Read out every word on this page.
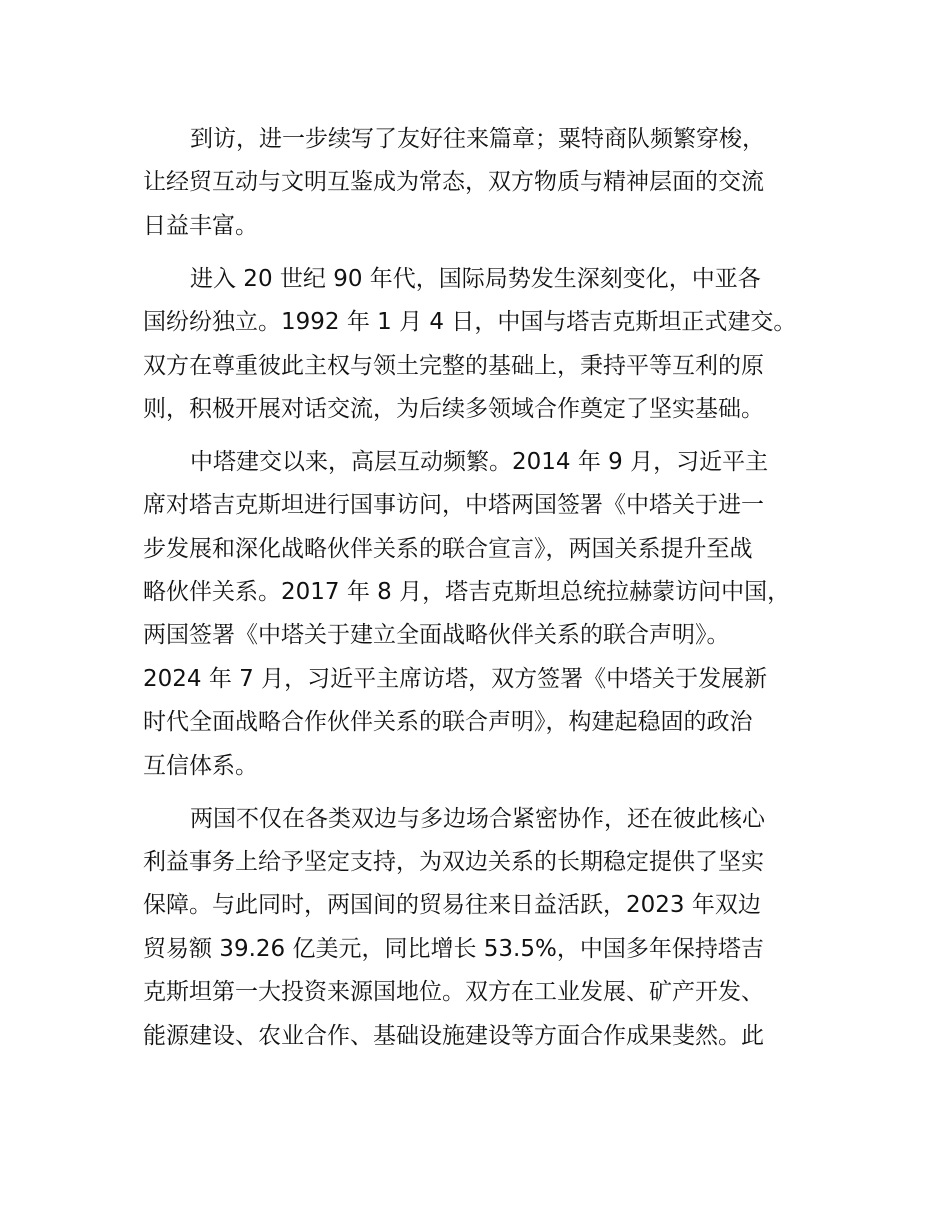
到访，进一步续写了友好往来篇章；粟特商队频繁穿梭，
让经贸互动与文明互鉴成为常态，双方物质与精神层面的交流
日益丰富。
进入 20 世纪 90 年代，国际局势发生深刻变化，中亚各
国纷纷独立。1992 年 1 月 4 日，中国与塔吉克斯坦正式建交。
双方在尊重彼此主权与领土完整的基础上，秉持平等互利的原
则，积极开展对话交流，为后续多领域合作奠定了坚实基础。
中塔建交以来，高层互动频繁。2014 年 9 月，习近平主
席对塔吉克斯坦进行国事访问，中塔两国签署《中塔关于进一
步发展和深化战略伙伴关系的联合宣言》，两国关系提升至战
略伙伴关系。2017 年 8 月，塔吉克斯坦总统拉赫蒙访问中国，
两国签署《中塔关于建立全面战略伙伴关系的联合声明》。
2024 年 7 月，习近平主席访塔，双方签署《中塔关于发展新
时代全面战略合作伙伴关系的联合声明》，构建起稳固的政治
互信体系。
两国不仅在各类双边与多边场合紧密协作，还在彼此核心
利益事务上给予坚定支持，为双边关系的长期稳定提供了坚实
保障。与此同时，两国间的贸易往来日益活跃，2023 年双边
贸易额 39.26 亿美元，同比增长 53.5%，中国多年保持塔吉
克斯坦第一大投资来源国地位。双方在工业发展、矿产开发、
能源建设、农业合作、基础设施建设等方面合作成果斐然。此
